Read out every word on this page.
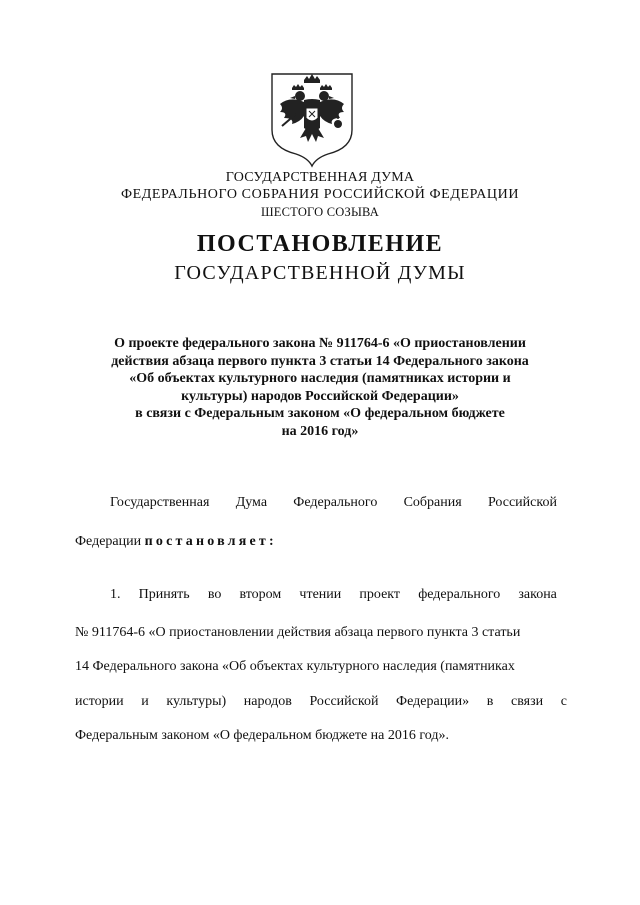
ГОСУДАРСТВЕННАЯ ДУМА
ФЕДЕРАЛЬНОГО СОБРАНИЯ РОССИЙСКОЙ ФЕДЕРАЦИИ
ШЕСТОГО СОЗЫВА
ПОСТАНОВЛЕНИЕ
ГОСУДАРСТВЕННОЙ ДУМЫ
О проекте федерального закона № 911764-6 «О приостановлении
действия абзаца первого пункта 3 статьи 14 Федерального закона
«Об объектах культурного наследия (памятниках истории и
культуры) народов Российской Федерации»
в связи с Федеральным законом «О федеральном бюджете
на 2016 год»
Государственная Дума Федерального Собрания Российской
Федерации постановляет:
1. Принять во втором чтении проект федерального закона
№ 911764-6 «О приостановлении действия абзаца первого пункта 3 статьи
14 Федерального закона «Об объектах культурного наследия (памятниках
истории и культуры) народов Российской Федерации» в связи с
Федеральным законом «О федеральном бюджете на 2016 год».
